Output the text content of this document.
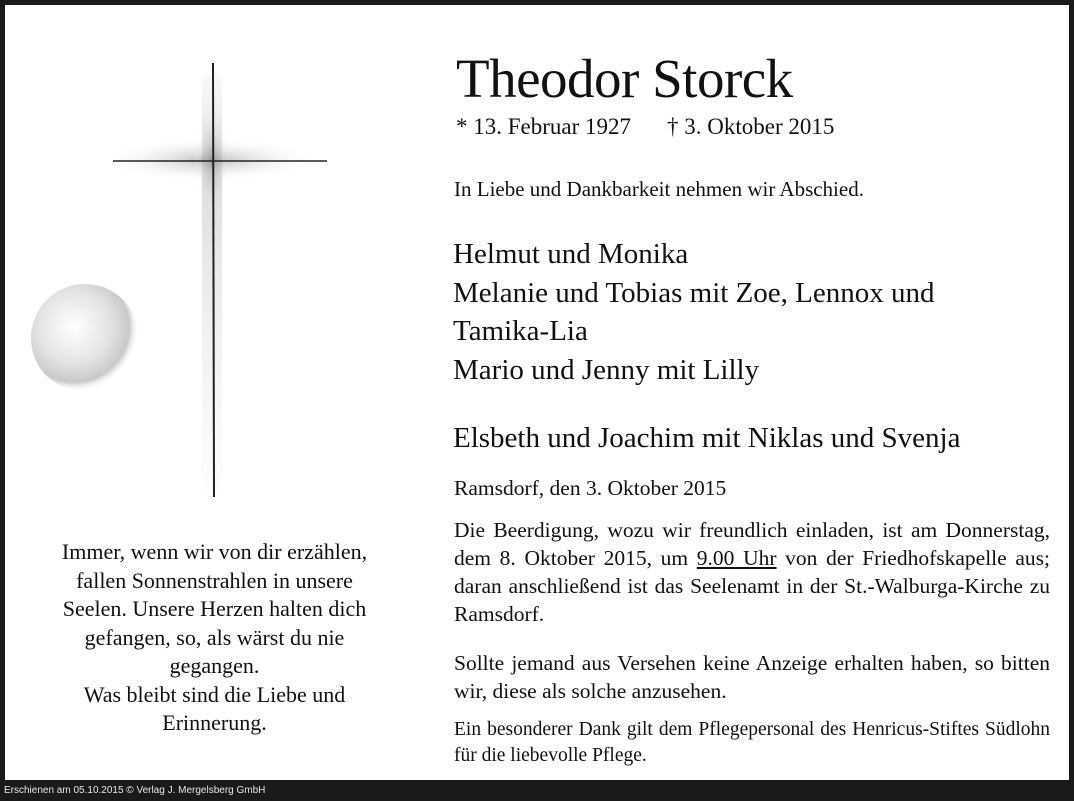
Immer, wenn wir von dir erzählen,
fallen Sonnenstrahlen in unsere
Seelen. Unsere Herzen halten dich
gefangen, so, als wärst du nie
gegangen.
Was bleibt sind die Liebe und
Erinnerung.
Theodor Storck
* 13. Februar 1927 † 3. Oktober 2015
In Liebe und Dankbarkeit nehmen wir Abschied.
Helmut und Monika
Melanie und Tobias mit Zoe, Lennox und
Tamika-Lia
Mario und Jenny mit Lilly
Elsbeth und Joachim mit Niklas und Svenja
Ramsdorf, den 3. Oktober 2015
Die Beerdigung, wozu wir freundlich einladen, ist am Donnerstag, dem 8. Oktober 2015, um 9.00 Uhr von der Friedhofskapelle aus; daran anschließend ist das Seelenamt in der St.-Walburga-Kirche zu Ramsdorf.
Sollte jemand aus Versehen keine Anzeige erhalten haben, so bitten wir, diese als solche anzusehen.
Ein besonderer Dank gilt dem Pflegepersonal des Henricus-Stiftes Südlohn für die liebevolle Pflege.
Erschienen am 05.10.2015 © Verlag J. Mergelsberg GmbH
